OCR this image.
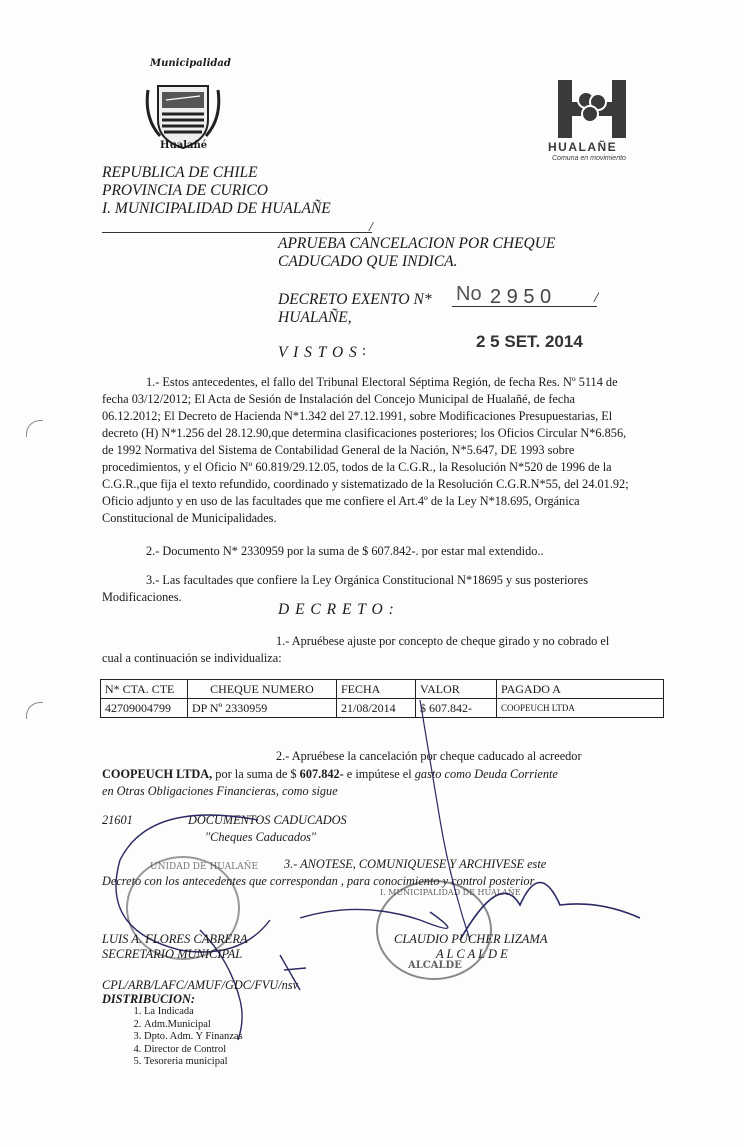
Municipalidad
Hualañé	HUALAÑE
Comuna en movimiento
REPUBLICA DE CHILE
PROVINCIA DE CURICO
I. MUNICIPALIDAD DE HUALAÑE
/
APRUEBA CANCELACION POR CHEQUE
CADUCADO QUE INDICA.
DECRETO EXENTO N* No 2 9 5 0	/
HUALAÑE,
V I S T O S :	2 5 SET. 2014
1.- Estos antecedentes, el fallo del Tribunal Electoral Séptima Región, de fecha Res. Nº 5114 de fecha 03/12/2012; El Acta de Sesión de Instalación del Concejo Municipal de Hualañé, de fecha 06.12.2012; El Decreto de Hacienda N*1.342 del 27.12.1991, sobre Modificaciones Presupuestarias, El decreto (H) N*1.256 del 28.12.90,que determina clasificaciones posteriores; los Oficios Circular N*6.856, de 1992 Normativa del Sistema de Contabilidad General de la Nación, N*5.647, DE 1993 sobre procedimientos, y el Oficio Nº 60.819/29.12.05, todos de la C.G.R., la Resolución N*520 de 1996 de la C.G.R.,que fija el texto refundido, coordinado y sistematizado de la Resolución C.G.R.N*55, del 24.01.92; Oficio adjunto y en uso de las facultades que me confiere el Art.4º de la Ley N*18.695, Orgánica Constitucional de Municipalidades.
2.- Documento N* 2330959 por la suma de $ 607.842-. por estar mal extendido..
3.- Las facultades que confiere la Ley Orgánica Constitucional N*18695 y sus posteriores Modificaciones.
D E C R E T O :
1.- Apruébese ajuste por concepto de cheque girado y no cobrado el cual a continuación se individualiza:
N* CTA. CTE	CHEQUE NUMERO	FECHA	VALOR	PAGADO A
42709004799	DP Nº 2330959	21/08/2014	$ 607.842-	COOPEUCH LTDA
2.- Apruébese la cancelación por cheque caducado al acreedor
COOPEUCH LTDA, por la suma de $ 607.842- e impútese el gasto como Deuda Corriente
en Otras Obligaciones Financieras, como sigue
21601	DOCUMENTOS CADUCADOS
"Cheques Caducados"
3.- ANOTESE, COMUNIQUESE Y ARCHIVESE este
Decreto con los antecedentes que correspondan , para conocimiento y control posterior.
UNIDAD DE HUALAÑE
I. MUNICIPALIDAD DE HUALAÑE
ALCALDE
LUIS A. FLORES CABRERA
SECRETARIO MUNICIPAL
CLAUDIO PUCHER LIZAMA
A L C A L D E
CPL/ARB/LAFC/AMUF/GDC/FVU/nsv
DISTRIBUCION:
1. La Indicada
2. Adm.Municipal
3. Dpto. Adm. Y Finanzas
4. Director de Control
5. Tesoreria municipal
